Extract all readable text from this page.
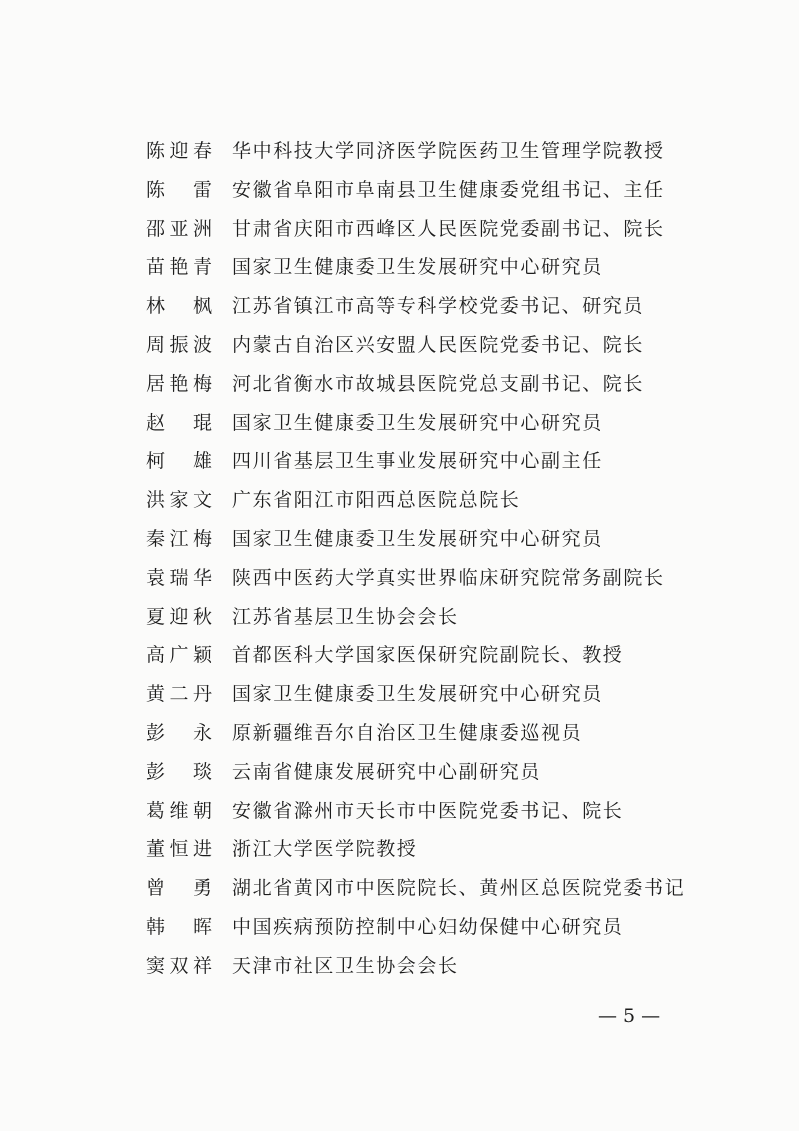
陈迎春 华中科技大学同济医学院医药卫生管理学院教授
陈雷 安徽省阜阳市阜南县卫生健康委党组书记、主任
邵亚洲 甘肃省庆阳市西峰区人民医院党委副书记、院长
苗艳青 国家卫生健康委卫生发展研究中心研究员
林枫 江苏省镇江市高等专科学校党委书记、研究员
周振波 内蒙古自治区兴安盟人民医院党委书记、院长
居艳梅 河北省衡水市故城县医院党总支副书记、院长
赵琨 国家卫生健康委卫生发展研究中心研究员
柯雄 四川省基层卫生事业发展研究中心副主任
洪家文 广东省阳江市阳西总医院总院长
秦江梅 国家卫生健康委卫生发展研究中心研究员
袁瑞华 陕西中医药大学真实世界临床研究院常务副院长
夏迎秋 江苏省基层卫生协会会长
高广颖 首都医科大学国家医保研究院副院长、教授
黄二丹 国家卫生健康委卫生发展研究中心研究员
彭永 原新疆维吾尔自治区卫生健康委巡视员
彭琰 云南省健康发展研究中心副研究员
葛维朝 安徽省滁州市天长市中医院党委书记、院长
董恒进 浙江大学医学院教授
曾勇 湖北省黄冈市中医院院长、黄州区总医院党委书记
韩晖 中国疾病预防控制中心妇幼保健中心研究员
窦双祥 天津市社区卫生协会会长
— 5 —
